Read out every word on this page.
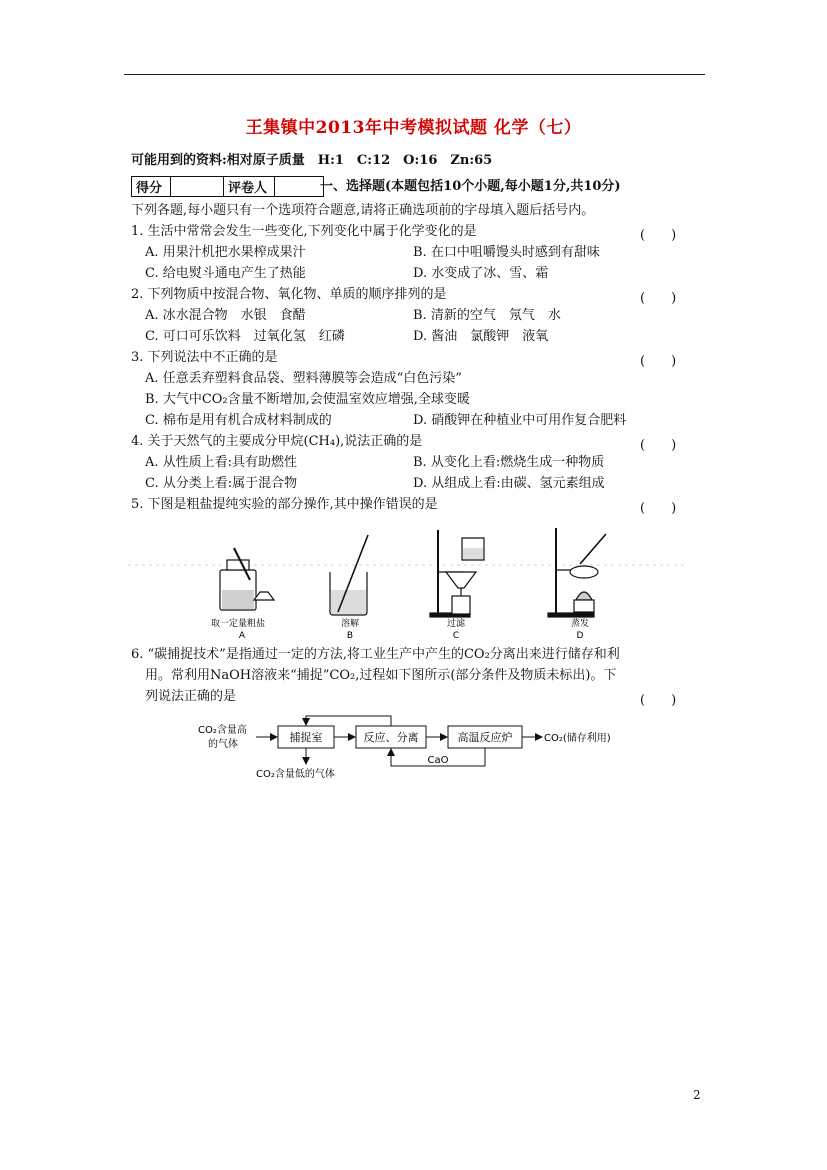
王集镇中2013年中考模拟试题 化学（七）
可能用到的资料:相对原子质量　H:1　C:12　O:16　Zn:65
得分		评卷人		一、选择题(本题包括10个小题,每小题1分,共10分)
下列各题,每小题只有一个选项符合题意,请将正确选项前的字母填入题后括号内。
1. 生活中常常会发生一些变化,下列变化中属于化学变化的是	(　　)
A. 用果汁机把水果榨成果汁	B. 在口中咀嚼馒头时感到有甜味
C. 给电熨斗通电产生了热能	D. 水变成了冰、雪、霜
2. 下列物质中按混合物、氧化物、单质的顺序排列的是	(　　)
A. 冰水混合物　水银　食醋	B. 清新的空气　氖气　水
C. 可口可乐饮料　过氧化氢　红磷	D. 酱油　氯酸钾　液氧
3. 下列说法中不正确的是	(　　)
A. 任意丢弃塑料食品袋、塑料薄膜等会造成“白色污染”
B. 大气中CO₂含量不断增加,会使温室效应增强,全球变暖
C. 棉布是用有机合成材料制成的	D. 硝酸钾在种植业中可用作复合肥料
4. 关于天然气的主要成分甲烷(CH₄),说法正确的是	(　　)
A. 从性质上看:具有助燃性	B. 从变化上看:燃烧生成一种物质
C. 从分类上看:属于混合物	D. 从组成上看:由碳、氢元素组成
5. 下图是粗盐提纯实验的部分操作,其中操作错误的是	(　　)
取一定量粗盐
A
溶解
B
过滤
C
蒸发
D
6. “碳捕捉技术”是指通过一定的方法,将工业生产中产生的CO₂分离出来进行储存和利
用。常利用NaOH溶液来“捕捉”CO₂,过程如下图所示(部分条件及物质未标出)。下
列说法正确的是	(　　)
CO₂含量高
的气体
捕捉室	反应、分离	高温反应炉	CO₂(储存利用)
CaO
CO₂含量低的气体
2
